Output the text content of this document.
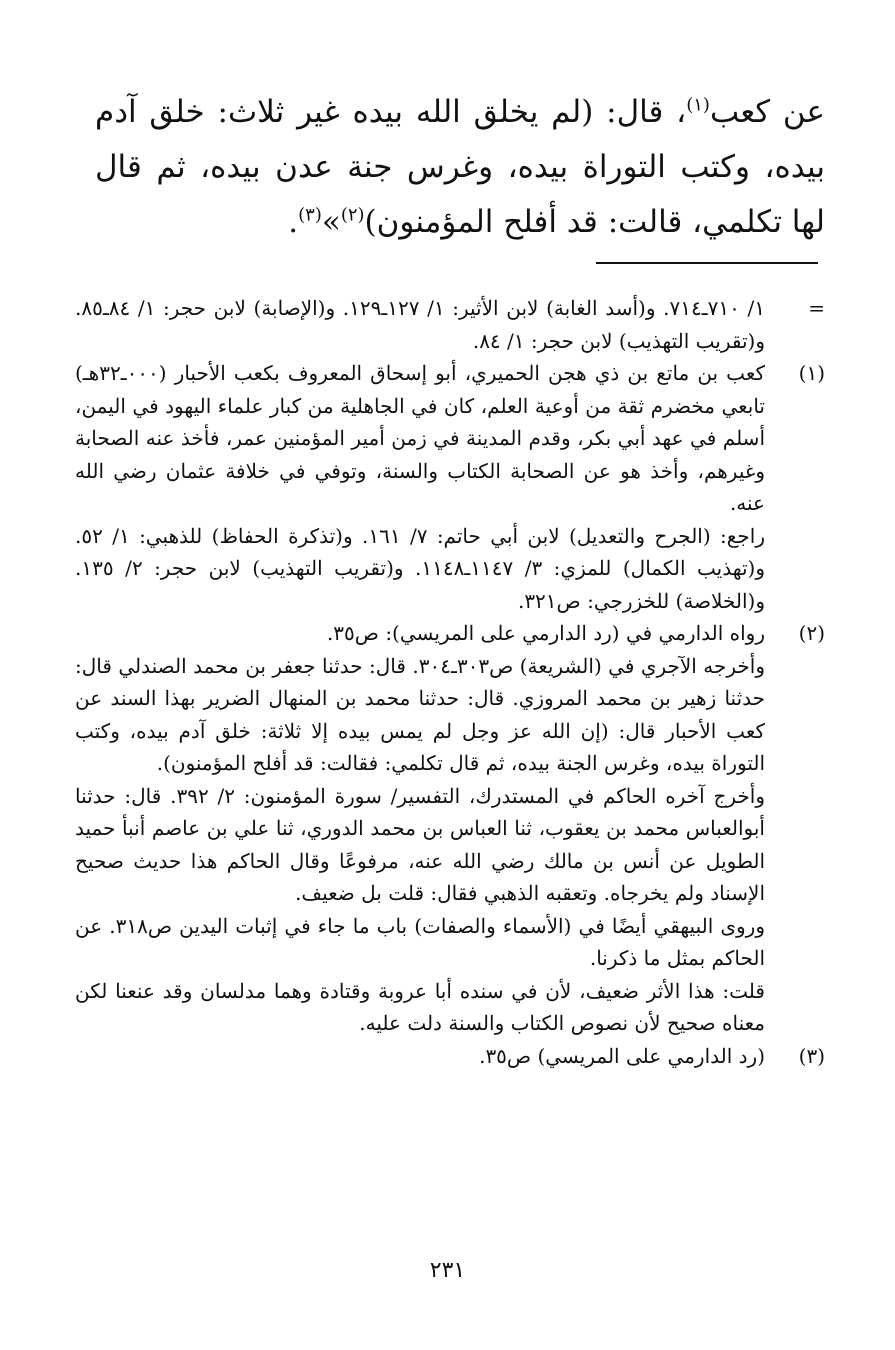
عن كعب$^{(١)}$، قال: (لم يخلق الله بيده غير ثلاث: خلق آدم بيده، وكتب التوراة بيده، وغرس جنة عدن بيده، ثم قال لها تكلمي، قالت: قد أفلح المؤمنون)$^{(٢)}$»$^{(٣)}$.
=

١/ ٧١٠ـ٧١٤. و(أسد الغابة) لابن الأثير: ١/ ١٢٧ـ١٢٩. و(الإصابة) لابن حجر: ١/ ٨٤ـ٨٥. و(تقريب التهذيب) لابن حجر: ١/ ٨٤.

(١)

كعب بن ماتع بن ذي هجن الحميري، أبو إسحاق المعروف بكعب الأحبار (٠٠٠ـ٣٢هـ) تابعي مخضرم ثقة من أوعية العلم، كان في الجاهلية من كبار علماء اليهود في اليمن، أسلم في عهد أبي بكر، وقدم المدينة في زمن أمير المؤمنين عمر، فأخذ عنه الصحابة وغيرهم، وأخذ هو عن الصحابة الكتاب والسنة، وتوفي في خلافة عثمان رضي الله عنه.

راجع: (الجرح والتعديل) لابن أبي حاتم: ٧/ ١٦١. و(تذكرة الحفاظ) للذهبي: ١/ ٥٢. و(تهذيب الكمال) للمزي: ٣/ ١١٤٧ـ١١٤٨. و(تقريب التهذيب) لابن حجر: ٢/ ١٣٥. و(الخلاصة) للخزرجي: ص٣٢١.

(٢)

رواه الدارمي في (رد الدارمي على المريسي): ص٣٥.

وأخرجه الآجري في (الشريعة) ص٣٠٣ـ٣٠٤. قال: حدثنا جعفر بن محمد الصندلي قال: حدثنا زهير بن محمد المروزي. قال: حدثنا محمد بن المنهال الضرير بهذا السند عن كعب الأحبار قال: (إن الله عز وجل لم يمس بيده إلا ثلاثة: خلق آدم بيده، وكتب التوراة بيده، وغرس الجنة بيده، ثم قال تكلمي: فقالت: قد أفلح المؤمنون).

وأخرج آخره الحاكم في المستدرك، التفسير/ سورة المؤمنون: ٢/ ٣٩٢. قال: حدثنا أبوالعباس محمد بن يعقوب، ثنا العباس بن محمد الدوري، ثنا علي بن عاصم أنبأ حميد الطويل عن أنس بن مالك رضي الله عنه، مرفوعًا وقال الحاكم هذا حديث صحيح الإسناد ولم يخرجاه. وتعقبه الذهبي فقال: قلت بل ضعيف.

وروى البيهقي أيضًا في (الأسماء والصفات) باب ما جاء في إثبات اليدين ص٣١٨. عن الحاكم بمثل ما ذكرنا.

قلت: هذا الأثر ضعيف، لأن في سنده أبا عروبة وقتادة وهما مدلسان وقد عنعنا لكن معناه صحيح لأن نصوص الكتاب والسنة دلت عليه.

(٣)

(رد الدارمي على المريسي) ص٣٥.

٢٣١
